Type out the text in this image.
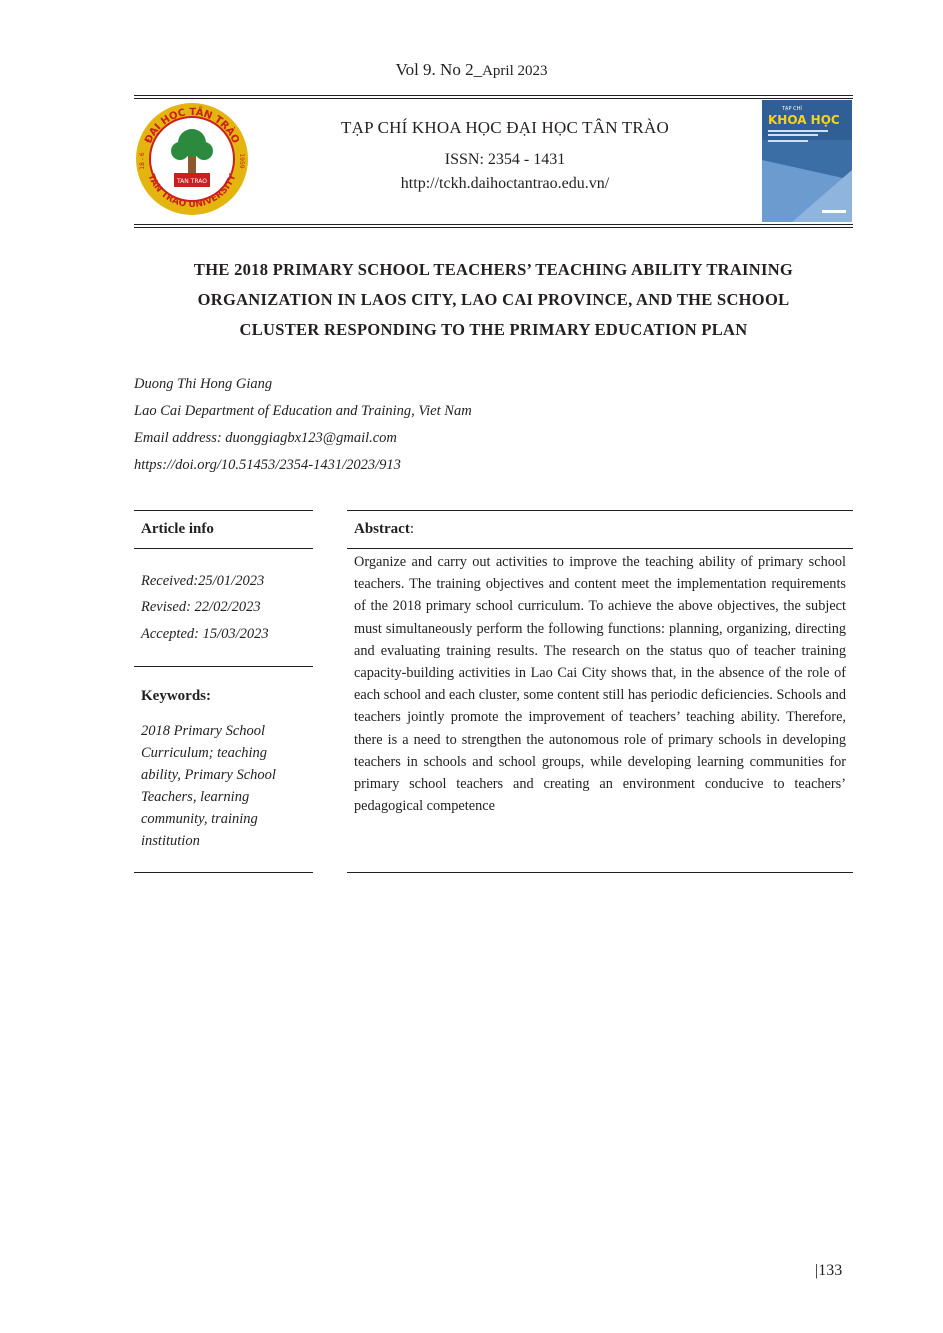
Vol 9. No 2_April 2023
ĐẠI HỌC TÂN TRÀO
TAN TRAO UNIVERSITY
18 - 6	1959
TAN TRAO
TẠP CHÍ KHOA HỌC ĐẠI HỌC TÂN TRÀO
ISSN: 2354 - 1431
http://tckh.daihoctantrao.edu.vn/
TẠP CHÍ
KHOA HỌC
THE 2018 PRIMARY SCHOOL TEACHERS’ TEACHING ABILITY TRAINING
ORGANIZATION IN LAOS CITY, LAO CAI PROVINCE, AND THE SCHOOL
CLUSTER RESPONDING TO THE PRIMARY EDUCATION PLAN
Duong Thi Hong Giang
Lao Cai Department of Education and Training, Viet Nam
Email address: duonggiagbx123@gmail.com
https://doi.org/10.51453/2354-1431/2023/913
Article info	Abstract:
Received:25/01/2023
Revised: 22/02/2023
Accepted: 15/03/2023
Keywords:
2018 Primary School Curriculum; teaching ability, Primary School Teachers, learning community, training institution
Organize and carry out activities to improve the teaching ability of primary school teachers. The training objectives and content meet the implementation requirements of the 2018 primary school curriculum. To achieve the above objectives, the subject must simultaneously perform the following functions: planning, organizing, directing and evaluating training results. The research on the status quo of teacher training capacity-building activities in Lao Cai City shows that, in the absence of the role of each school and each cluster, some content still has periodic deficiencies. Schools and teachers jointly promote the improvement of teachers’ teaching ability. Therefore, there is a need to strengthen the autonomous role of primary schools in developing teachers in schools and school groups, while developing learning communities for primary school teachers and creating an environment conducive to teachers’ pedagogical competence
|133
